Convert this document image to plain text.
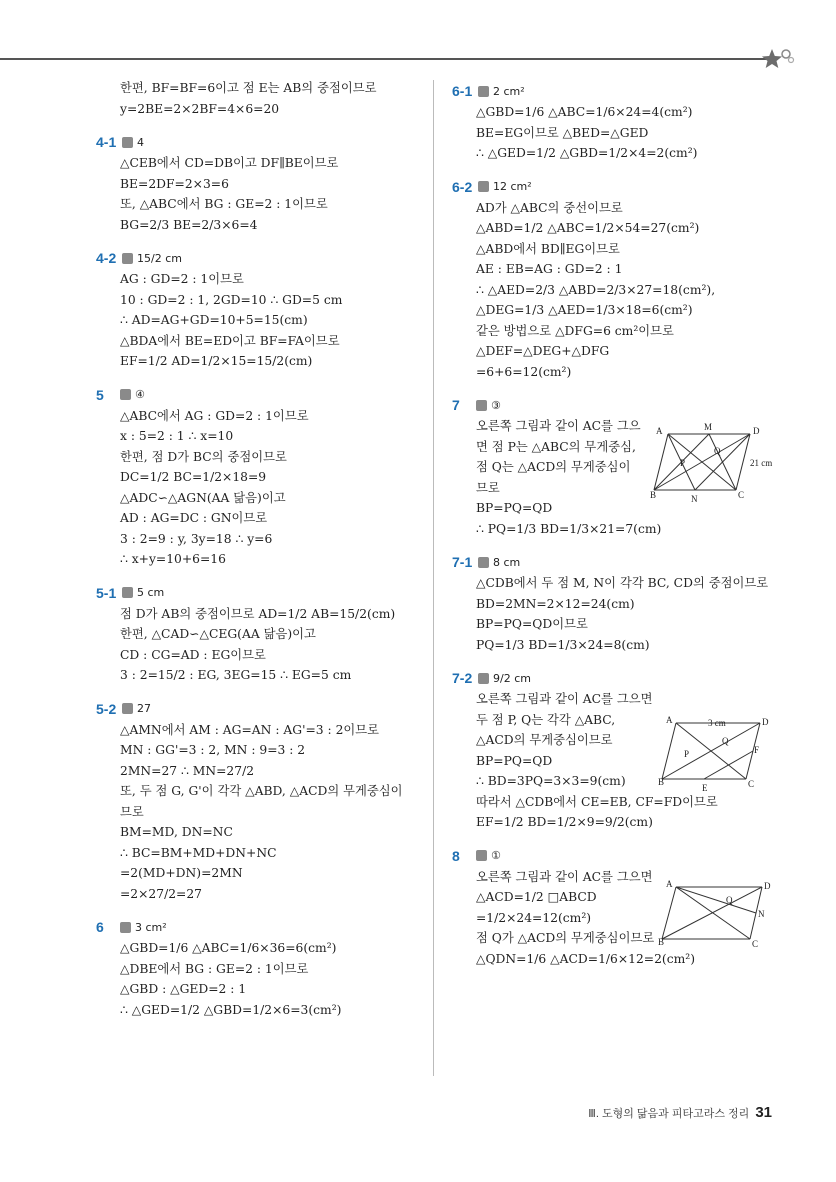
한편, BF=BF=6이고 점 E는 AB의 중점이므로
y=2BE=2×2BF=4×6=20
4-1	4
△CEB에서 CD=DB이고 DF∥BE이므로
BE=2DF=2×3=6
또, △ABC에서 BG : GE=2 : 1이므로
BG=2/3 BE=2/3×6=4
4-2	15/2 cm
AG : GD=2 : 1이므로
10 : GD=2 : 1, 2GD=10 ∴ GD=5 cm
∴ AD=AG+GD=10+5=15(cm)
△BDA에서 BE=ED이고 BF=FA이므로
EF=1/2 AD=1/2×15=15/2(cm)
5	④
△ABC에서 AG : GD=2 : 1이므로
x : 5=2 : 1 ∴ x=10
한편, 점 D가 BC의 중점이므로
DC=1/2 BC=1/2×18=9
△ADC∽△AGN(AA 닮음)이고
AD : AG=DC : GN이므로
3 : 2=9 : y, 3y=18 ∴ y=6
∴ x+y=10+6=16
5-1	5 cm
점 D가 AB의 중점이므로 AD=1/2 AB=15/2(cm)
한편, △CAD∽△CEG(AA 닮음)이고
CD : CG=AD : EG이므로
3 : 2=15/2 : EG, 3EG=15 ∴ EG=5 cm
5-2	27
△AMN에서 AM : AG=AN : AG'=3 : 2이므로
MN : GG'=3 : 2, MN : 9=3 : 2
2MN=27 ∴ MN=27/2
또, 두 점 G, G'이 각각 △ABD, △ACD의 무게중심이
므로
BM=MD, DN=NC
∴ BC=BM+MD+DN+NC
=2(MD+DN)=2MN
=2×27/2=27
6	3 cm²
△GBD=1/6 △ABC=1/6×36=6(cm²)
△DBE에서 BG : GE=2 : 1이므로
△GBD : △GED=2 : 1
∴ △GED=1/2 △GBD=1/2×6=3(cm²)
6-1	2 cm²
△GBD=1/6 △ABC=1/6×24=4(cm²)
BE=EG이므로 △BED=△GED
∴ △GED=1/2 △GBD=1/2×4=2(cm²)
6-2	12 cm²
AD가 △ABC의 중선이므로
△ABD=1/2 △ABC=1/2×54=27(cm²)
△ABD에서 BD∥EG이므로
AE : EB=AG : GD=2 : 1
∴ △AED=2/3 △ABD=2/3×27=18(cm²),
△DEG=1/3 △AED=1/3×18=6(cm²)
같은 방법으로 △DFG=6 cm²이므로
△DEF=△DEG+△DFG
=6+6=12(cm²)
7	③
오른쪽 그림과 같이 AC를 그으
면 점 P는 △ABC의 무게중심,
점 Q는 △ACD의 무게중심이
므로
BP=PQ=QD
∴ PQ=1/3 BD=1/3×21=7(cm)
A	M	D
Q
P
B	N	C
21 cm
7-1	8 cm
△CDB에서 두 점 M, N이 각각 BC, CD의 중점이므로
BD=2MN=2×12=24(cm)
BP=PQ=QD이므로
PQ=1/3 BD=1/3×24=8(cm)
7-2	9/2 cm
오른쪽 그림과 같이 AC를 그으면
두 점 P, Q는 각각 △ABC,
△ACD의 무게중심이므로
BP=PQ=QD
∴ BD=3PQ=3×3=9(cm)
따라서 △CDB에서 CE=EB, CF=FD이므로
EF=1/2 BD=1/2×9=9/2(cm)
A	3 cm	D
Q
P	F
B
E	C
8	①
오른쪽 그림과 같이 AC를 그으면
△ACD=1/2 □ABCD
=1/2×24=12(cm²)
점 Q가 △ACD의 무게중심이므로
△QDN=1/6 △ACD=1/6×12=2(cm²)
A	D
Q
N
B	C
Ⅲ. 도형의 닮음과 피타고라스 정리 31
